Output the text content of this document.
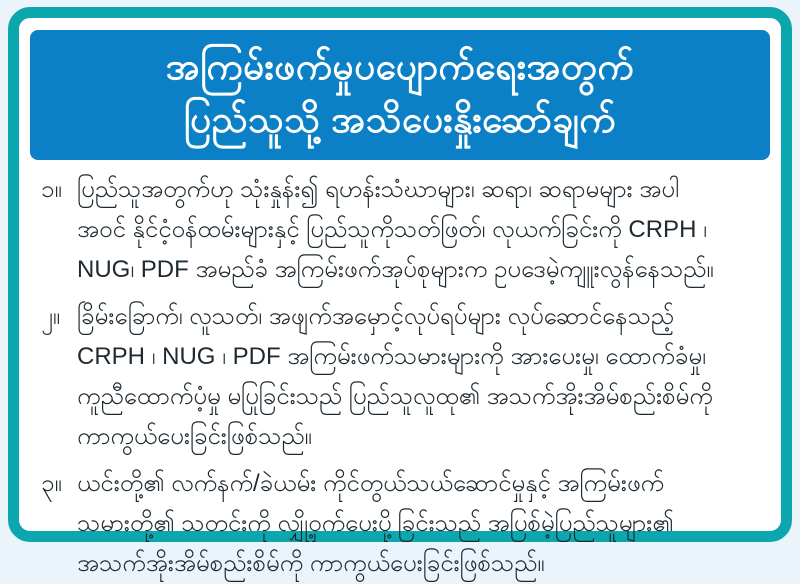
အကြမ်းဖက်မှုပပျောက်ရေးအတွက်
ပြည်သူသို့ အသိပေးနှိုးဆော်ချက်
၁။ ပြည်သူအတွက်ဟု သုံးနှုန်း၍ ရဟန်းသံဃာများ၊ ဆရာ၊ ဆရာမများ အပါ
အဝင် နိုင်ငံ့ဝန်ထမ်းများနှင့် ပြည်သူကိုသတ်ဖြတ်၊ လုယက်ခြင်းကို CRPH ၊
NUG၊ PDF အမည်ခံ အကြမ်းဖက်အုပ်စုများက ဥပဒေမဲ့ကျူးလွန်နေသည်။
၂။ ခြိမ်းခြောက်၊ လူသတ်၊ အဖျက်အမှောင့်လုပ်ရပ်များ လုပ်ဆောင်နေသည့်
CRPH ၊ NUG ၊ PDF အကြမ်းဖက်သမားများကို အားပေးမှု၊ ထောက်ခံမှု၊
ကူညီထောက်ပံ့မှု မပြုခြင်းသည် ပြည်သူလူထု၏ အသက်အိုးအိမ်စည်းစိမ်ကို
ကာကွယ်ပေးခြင်းဖြစ်သည်။
၃။ ယင်းတို့၏ လက်နက်/ခဲယမ်း ကိုင်တွယ်သယ်ဆောင်မှုနှင့် အကြမ်းဖက်
သမားတို့၏ သတင်းကို လျှို့ဝှက်ပေးပို့ခြင်းသည် အပြစ်မဲ့ပြည်သူများ၏
အသက်အိုးအိမ်စည်းစိမ်ကို ကာကွယ်ပေးခြင်းဖြစ်သည်။
